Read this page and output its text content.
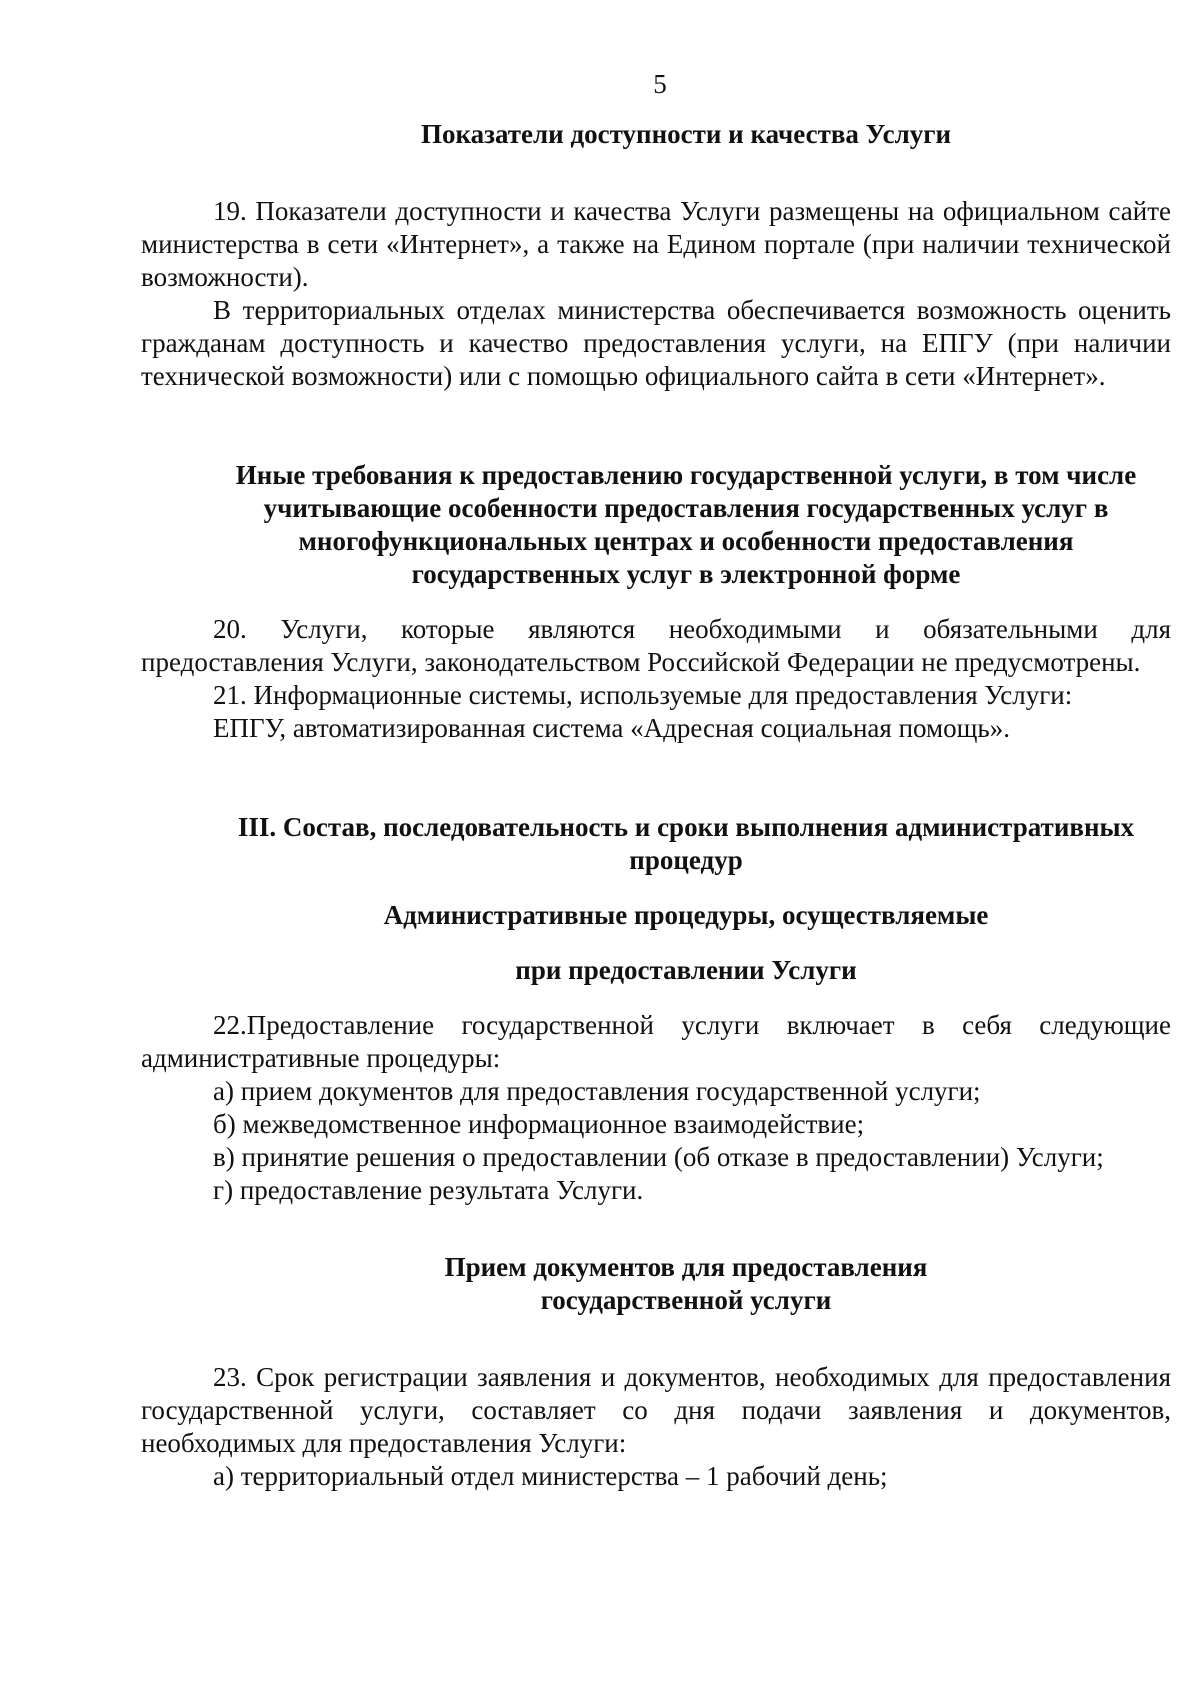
5

Показатели доступности и качества Услуги

19. Показатели доступности и качества Услуги размещены на официальном сайте министерства в сети «Интернет», а также на Едином портале (при наличии технической возможности).

В территориальных отделах министерства обеспечивается возможность оценить гражданам доступность и качество предоставления услуги, на ЕПГУ (при наличии технической возможности) или с помощью официального сайта в сети «Интернет».

Иные требования к предоставлению государственной услуги, в том числе

учитывающие особенности предоставления государственных услуг в

многофункциональных центрах и особенности предоставления

государственных услуг в электронной форме

20. Услуги, которые являются необходимыми и обязательными для предоставления Услуги, законодательством Российской Федерации не предусмотрены.

21. Информационные системы, используемые для предоставления Услуги:

ЕПГУ, автоматизированная система «Адресная социальная помощь».

III. Состав, последовательность и сроки выполнения административных

процедур

Административные процедуры, осуществляемые

при предоставлении Услуги

22.Предоставление государственной услуги включает в себя следующие административные процедуры:

а) прием документов для предоставления государственной услуги;

б) межведомственное информационное взаимодействие;

в) принятие решения о предоставлении (об отказе в предоставлении) Услуги;

г) предоставление результата Услуги.

Прием документов для предоставления

государственной услуги

23. Срок регистрации заявления и документов, необходимых для предоставления государственной услуги, составляет со дня подачи заявления и документов, необходимых для предоставления Услуги:

а) территориальный отдел министерства – 1 рабочий день;
